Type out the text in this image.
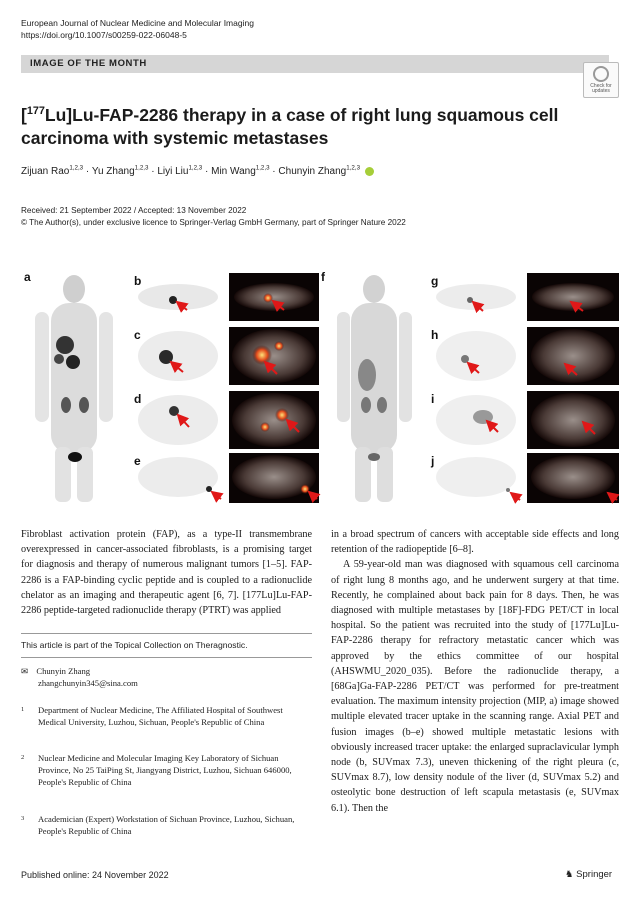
European Journal of Nuclear Medicine and Molecular Imaging
https://doi.org/10.1007/s00259-022-06048-5
IMAGE OF THE MONTH
Check for
updates
[$^{177}$Lu]Lu-FAP-2286 therapy in a case of right lung squamous cell
carcinoma with systemic metastases
Zijuan Rao$^{1,2,3}$ · Yu Zhang$^{1,2,3}$ · Liyi Liu$^{1,2,3}$ · Min Wang$^{1,2,3}$ · Chunyin Zhang$^{1,2,3}$
Received: 21 September 2022 / Accepted: 13 November 2022
© The Author(s), under exclusive licence to Springer-Verlag GmbH Germany, part of Springer Nature 2022
a	b
c
d
e
f	g
h
i
j

Fibroblast activation protein (FAP), as a type-II transmembrane overexpressed in cancer-associated fibroblasts, is a promising target for diagnosis and therapy of numerous malignant tumors [1–5]. FAP-2286 is a FAP-binding cyclic peptide and is coupled to a radionuclide chelator as an imaging and therapeutic agent [6, 7]. [177Lu]Lu-FAP-2286 peptide-targeted radionuclide therapy (PTRT) was applied

in a broad spectrum of cancers with acceptable side effects and long retention of the radiopeptide [6–8].

A 59-year-old man was diagnosed with squamous cell carcinoma of right lung 8 months ago, and he underwent surgery at that time. Recently, he complained about back pain for 8 days. Then, he was diagnosed with multiple metastases by [18F]-FDG PET/CT in local hospital. So the patient was recruited into the study of [177Lu]Lu-FAP-2286 therapy for refractory metastatic cancer which was approved by the ethics committee of our hospital (AHSWMU_2020_035). Before the radionuclide therapy, a [68Ga]Ga-FAP-2286 PET/CT was performed for pre-treatment evaluation. The maximum intensity projection (MIP, a) image showed multiple elevated tracer uptake in the scanning range. Axial PET and fusion images (b–e) showed multiple metastatic lesions with obviously increased tracer uptake: the enlarged supraclavicular lymph node (b, SUVmax 7.3), uneven thickening of the right pleura (c, SUVmax 8.7), low density nodule of the liver (d, SUVmax 5.2) and osteolytic bone destruction of left scapula metastasis (e, SUVmax 6.1). Then the

This article is part of the Topical Collection on Theragnostic.
✉ Chunyin Zhang
zhangchunyin345@sina.com
1 Department of Nuclear Medicine, The Affiliated Hospital of Southwest Medical University, Luzhou, Sichuan, People's Republic of China
2 Nuclear Medicine and Molecular Imaging Key Laboratory of Sichuan Province, No 25 TaiPing St, Jiangyang District, Luzhou, Sichuan 646000, People's Republic of China
3 Academician (Expert) Workstation of Sichuan Province, Luzhou, Sichuan, People's Republic of China
Published online: 24 November 2022	♞ Springer
